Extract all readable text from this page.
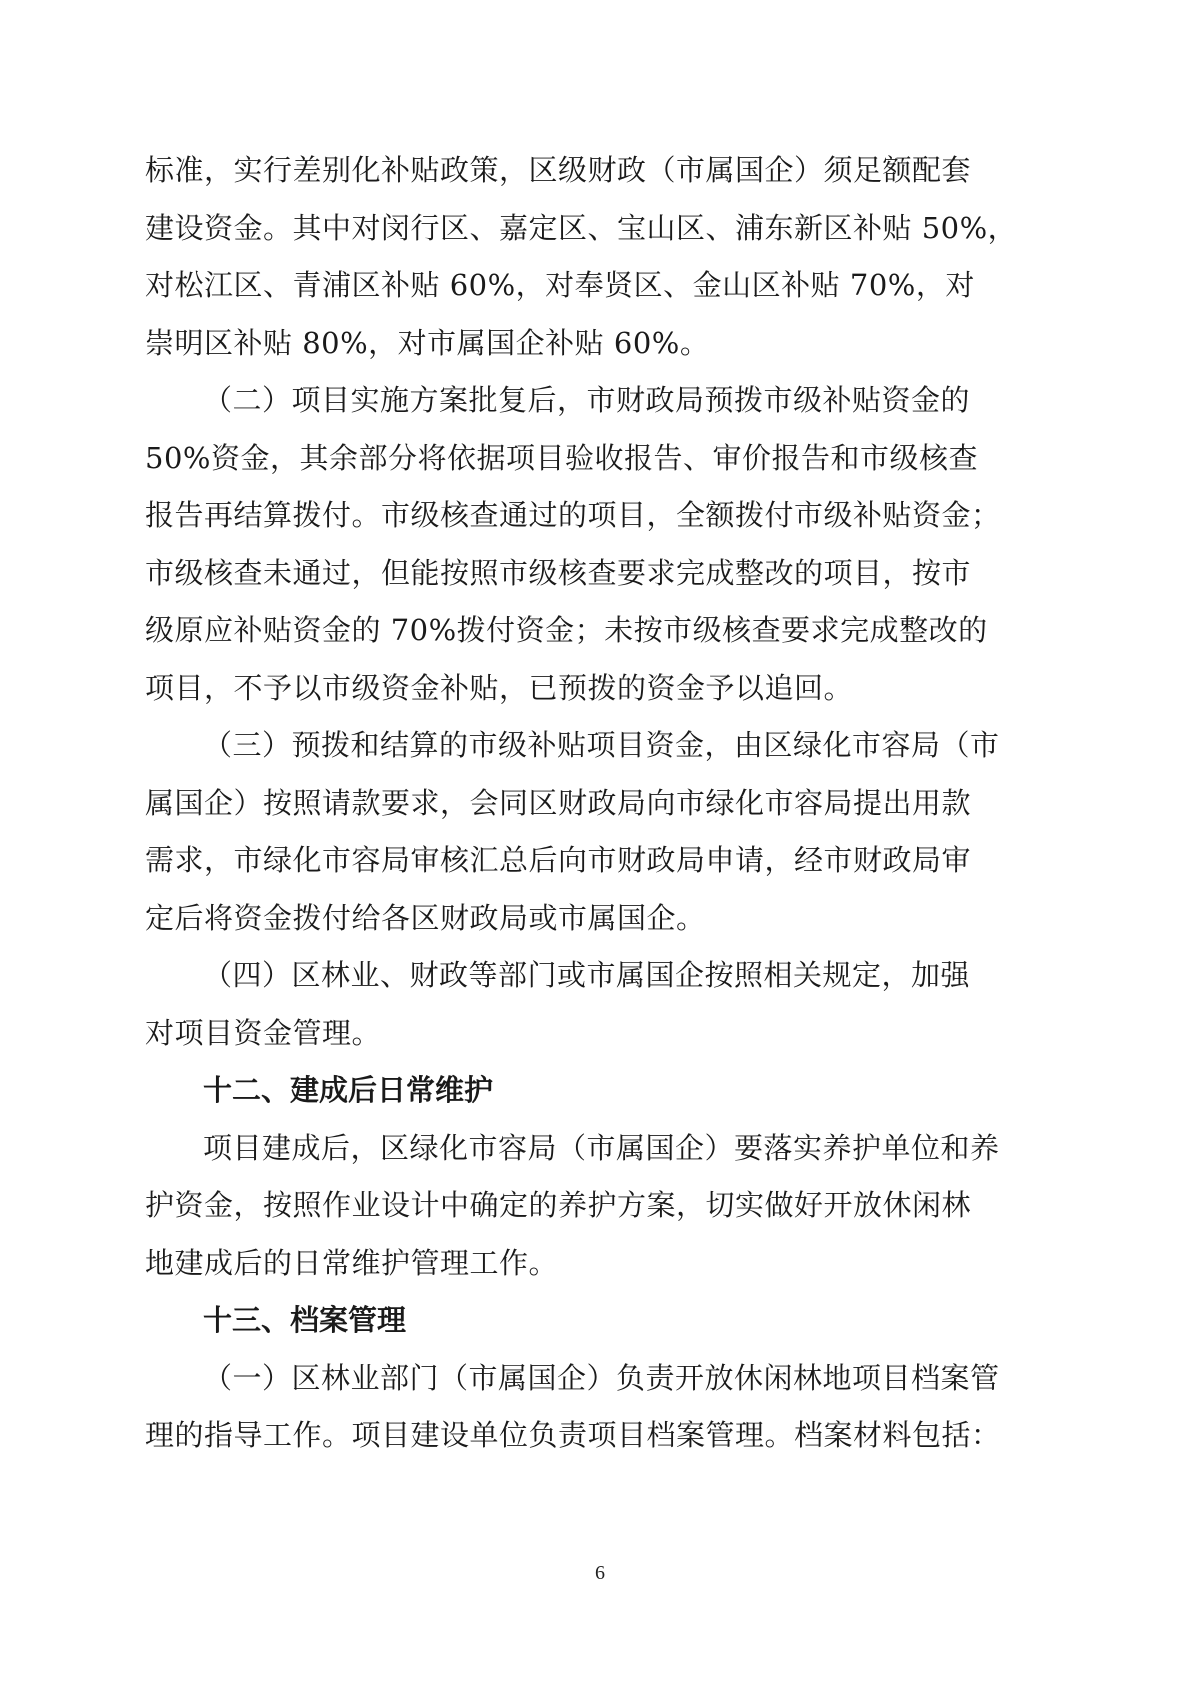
标准，实行差别化补贴政策，区级财政（市属国企）须足额配套
建设资金。其中对闵行区、嘉定区、宝山区、浦东新区补贴 50%，
对松江区、青浦区补贴 60%，对奉贤区、金山区补贴 70%，对
崇明区补贴 80%，对市属国企补贴 60%。
（二）项目实施方案批复后，市财政局预拨市级补贴资金的
50%资金，其余部分将依据项目验收报告、审价报告和市级核查
报告再结算拨付。市级核查通过的项目，全额拨付市级补贴资金；
市级核查未通过，但能按照市级核查要求完成整改的项目，按市
级原应补贴资金的 70%拨付资金；未按市级核查要求完成整改的
项目，不予以市级资金补贴，已预拨的资金予以追回。
（三）预拨和结算的市级补贴项目资金，由区绿化市容局（市
属国企）按照请款要求，会同区财政局向市绿化市容局提出用款
需求，市绿化市容局审核汇总后向市财政局申请，经市财政局审
定后将资金拨付给各区财政局或市属国企。
（四）区林业、财政等部门或市属国企按照相关规定，加强
对项目资金管理。
十二、建成后日常维护
项目建成后，区绿化市容局（市属国企）要落实养护单位和养
护资金，按照作业设计中确定的养护方案，切实做好开放休闲林
地建成后的日常维护管理工作。
十三、档案管理
（一）区林业部门（市属国企）负责开放休闲林地项目档案管
理的指导工作。项目建设单位负责项目档案管理。档案材料包括：
6
